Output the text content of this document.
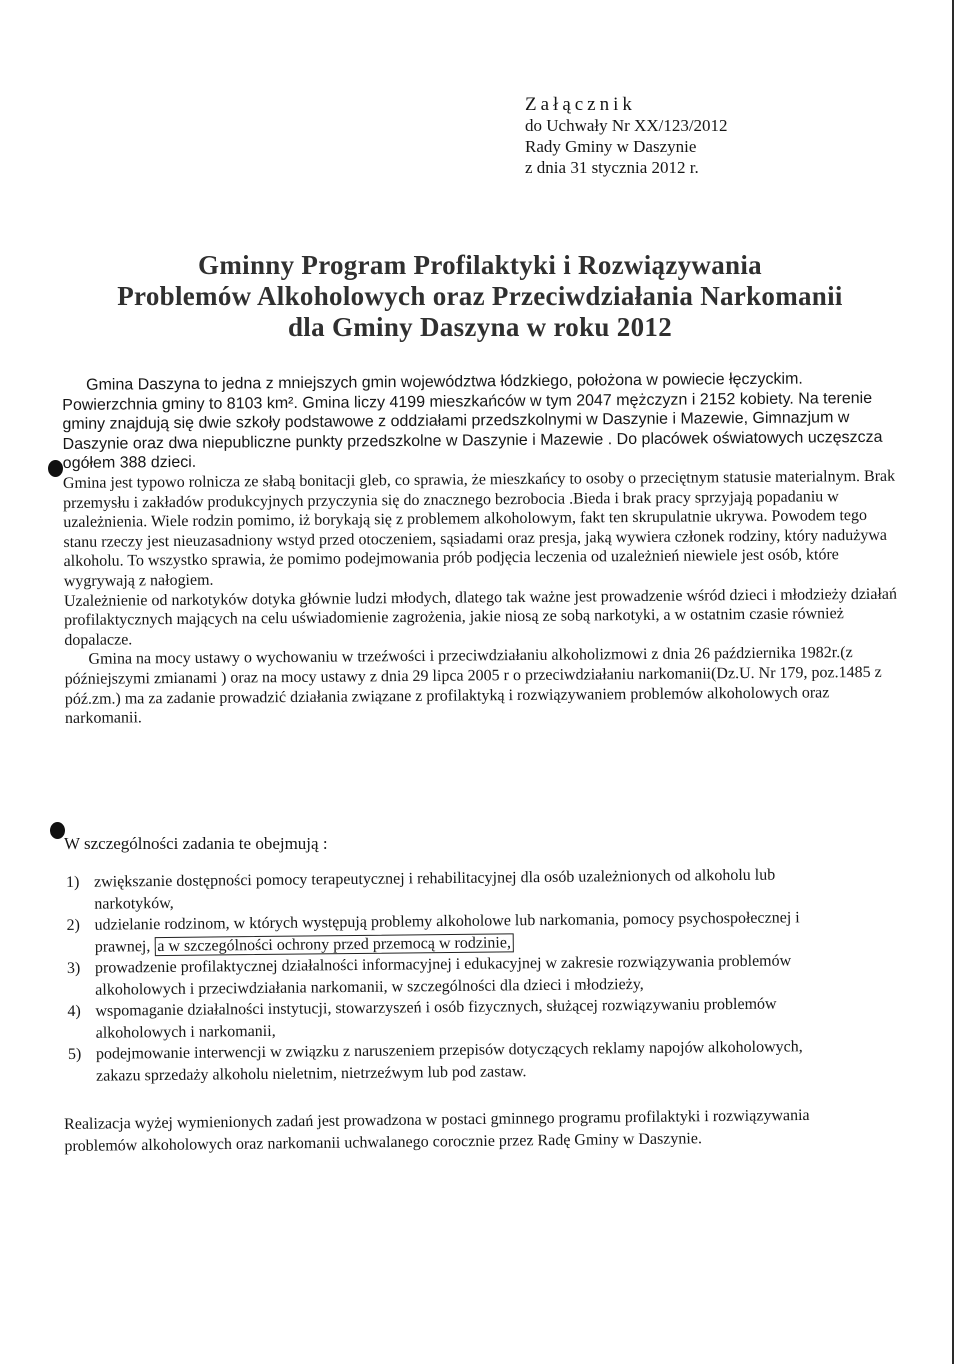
Załącznik
do Uchwały Nr XX/123/2012
Rady Gminy w Daszynie
z dnia 31 stycznia 2012 r.
Gminny Program Profilaktyki i Rozwiązywania
Problemów Alkoholowych oraz Przeciwdziałania Narkomanii
dla Gminy Daszyna w roku 2012

Gmina Daszyna to jedna z mniejszych gmin województwa łódzkiego, położona w powiecie łęczyckim. Powierzchnia gminy to 8103 km². Gmina liczy 4199 mieszkańców w tym 2047 mężczyzn i 2152 kobiety. Na terenie gminy znajdują się dwie szkoły podstawowe z oddziałami przedszkolnymi w Daszynie i Mazewie, Gimnazjum w Daszynie oraz dwa niepubliczne punkty przedszkolne w Daszynie i Mazewie . Do placówek oświatowych uczęszcza ogółem 388 dzieci.

Gmina jest typowo rolnicza ze słabą bonitacji gleb, co sprawia, że mieszkańcy to osoby o przeciętnym statusie materialnym. Brak przemysłu i zakładów produkcyjnych przyczynia się do znacznego bezrobocia .Bieda i brak pracy sprzyjają popadaniu w uzależnienia. Wiele rodzin pomimo, iż borykają się z problemem alkoholowym, fakt ten skrupulatnie ukrywa. Powodem tego stanu rzeczy jest nieuzasadniony wstyd przed otoczeniem, sąsiadami oraz presja, jaką wywiera członek rodziny, który nadużywa alkoholu. To wszystko sprawia, że pomimo podejmowania prób podjęcia leczenia od uzależnień niewiele jest osób, które wygrywają z nałogiem.

Uzależnienie od narkotyków dotyka głównie ludzi młodych, dlatego tak ważne jest prowadzenie wśród dzieci i młodzieży działań profilaktycznych mających na celu uświadomienie zagrożenia, jakie niosą ze sobą narkotyki, a w ostatnim czasie również dopalacze.

Gmina na mocy ustawy o wychowaniu w trzeźwości i przeciwdziałaniu alkoholizmowi z dnia 26 października 1982r.(z późniejszymi zmianami ) oraz na mocy ustawy z dnia 29 lipca 2005 r o przeciwdziałaniu narkomanii(Dz.U. Nr 179, poz.1485 z póź.zm.) ma za zadanie prowadzić działania związane z profilaktyką i rozwiązywaniem problemów alkoholowych oraz narkomanii.

W szczególności zadania te obejmują :
1) zwiększanie dostępności pomocy terapeutycznej i rehabilitacyjnej dla osób uzależnionych od alkoholu lub narkotyków,
2) udzielanie rodzinom, w których występują problemy alkoholowe lub narkomania, pomocy psychospołecznej i prawnej, a w szczególności ochrony przed przemocą w rodzinie,
3) prowadzenie profilaktycznej działalności informacyjnej i edukacyjnej w zakresie rozwiązywania problemów alkoholowych i przeciwdziałania narkomanii, w szczególności dla dzieci i młodzieży,
4) wspomaganie działalności instytucji, stowarzyszeń i osób fizycznych, służącej rozwiązywaniu problemów alkoholowych i narkomanii,
5) podejmowanie interwencji w związku z naruszeniem przepisów dotyczących reklamy napojów alkoholowych, zakazu sprzedaży alkoholu nieletnim, nietrzeźwym lub pod zastaw.
Realizacja wyżej wymienionych zadań jest prowadzona w postaci gminnego programu profilaktyki i rozwiązywania problemów alkoholowych oraz narkomanii uchwalanego corocznie przez Radę Gminy w Daszynie.
